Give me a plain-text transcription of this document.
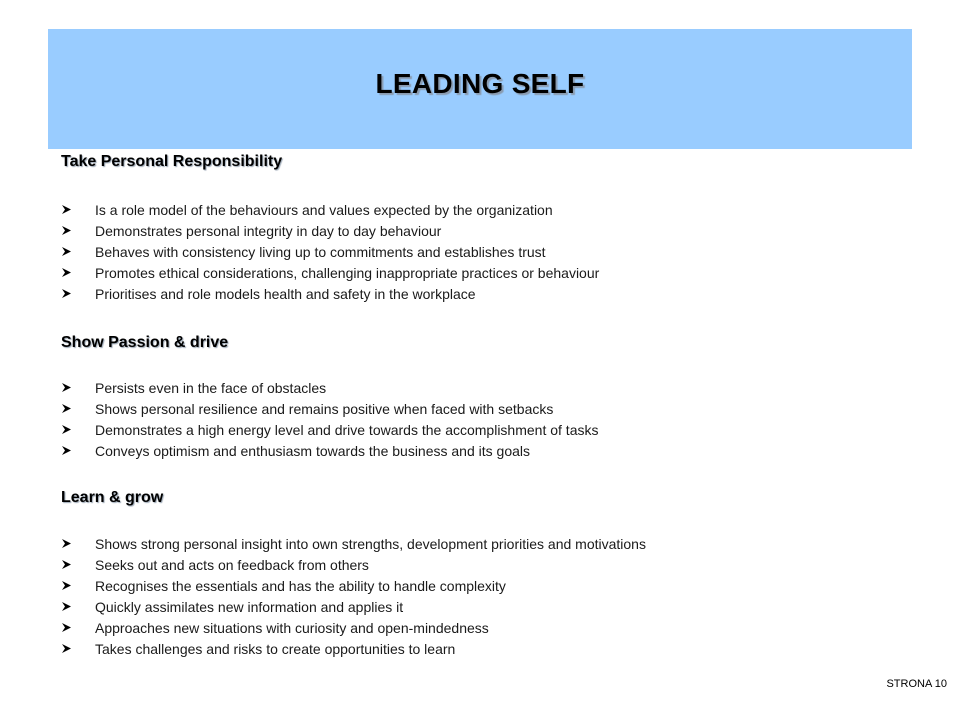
LEADING SELF
Take Personal Responsibility
Is a role model of the behaviours and values expected by the organization
Demonstrates personal integrity in day to day behaviour
Behaves with consistency living up to commitments and establishes trust
Promotes ethical considerations, challenging inappropriate practices or behaviour
Prioritises and role models health and safety in the workplace
Show Passion & drive
Persists even in the face of obstacles
Shows personal resilience and remains positive when faced with setbacks
Demonstrates a high energy level and drive towards the accomplishment of tasks
Conveys optimism and enthusiasm towards the business and its goals
Learn & grow
Shows strong personal insight into own strengths, development priorities and motivations
Seeks out and acts on feedback from others
Recognises the essentials and has the ability to handle complexity
Quickly assimilates new information and applies it
Approaches new situations with curiosity and open-mindedness
Takes challenges and risks to create opportunities to learn
STRONA 10
